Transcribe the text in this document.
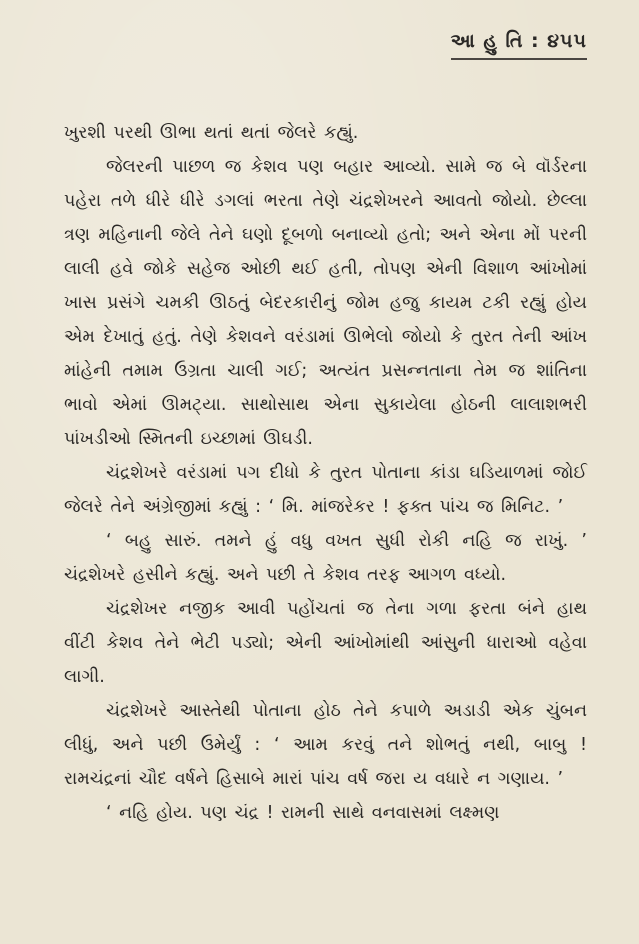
આ હુ તિ : ૪૫૫

ખુરશી પરથી ઊભા થતાં થતાં જેલરે કહ્યું.

જેલરની પાછળ જ કેશવ પણ બહાર આવ્યો. સામે જ બે વૉર્ડરના પહેરા તળે ધીરે ધીરે ડગલાં ભરતા તેણે ચંદ્રશેખરને આવતો જોયો. છેલ્લા ત્રણ મહિનાની જેલે તેને ઘણો દૂબળો બનાવ્યો હતો; અને એના મોં પરની લાલી હવે જોકે સહેજ ઓછી થઈ હતી, તોપણ એની વિશાળ આંખોમાં ખાસ પ્રસંગે ચમકી ઊઠતું બેદરકારીનું જોમ હજુ કાયમ ટકી રહ્યું હોય એમ દેખાતું હતું. તેણે કેશવને વરંડામાં ઊભેલો જોયો કે તુરત તેની આંખ માંહેની તમામ ઉગ્રતા ચાલી ગઈ; અત્યંત પ્રસન્નતાના તેમ જ શાંતિના ભાવો એમાં ઊમટ્યા. સાથોસાથ એના સુકાયેલા હોઠની લાલાશભરી પાંખડીઓ સ્મિતની ઇચ્છામાં ઊઘડી.

ચંદ્રશેખરે વરંડામાં પગ દીધો કે તુરત પોતાના કાંડા ઘડિયાળમાં જોઈ જેલરે તેને અંગ્રેજીમાં કહ્યું : ‘ મિ. માંજરેકર ! ફક્ત પાંચ જ મિનિટ. ’

‘ બહુ સારું. તમને હું વધુ વખત સુધી રોકી નહિ જ રાખું. ’ ચંદ્રશેખરે હસીને કહ્યું. અને પછી તે કેશવ તરફ આગળ વધ્યો.

ચંદ્રશેખર નજીક આવી પહોંચતાં જ તેના ગળા ફરતા બંને હાથ વીંટી કેશવ તેને ભેટી પડ્યો; એની આંખોમાંથી આંસુની ધારાઓ વહેવા લાગી.

ચંદ્રશેખરે આસ્તેથી પોતાના હોઠ તેને કપાળે અડાડી એક ચુંબન લીધું, અને પછી ઉમેર્યું : ‘ આમ કરવું તને શોભતું નથી, બાબુ ! રામચંદ્રનાં ચૌદ વર્ષને હિસાબે મારાં પાંચ વર્ષ જરા ય વધારે ન ગણાય. ’

‘ નહિ હોય. પણ ચંદ્ર ! રામની સાથે વનવાસમાં લક્ષ્મણ
